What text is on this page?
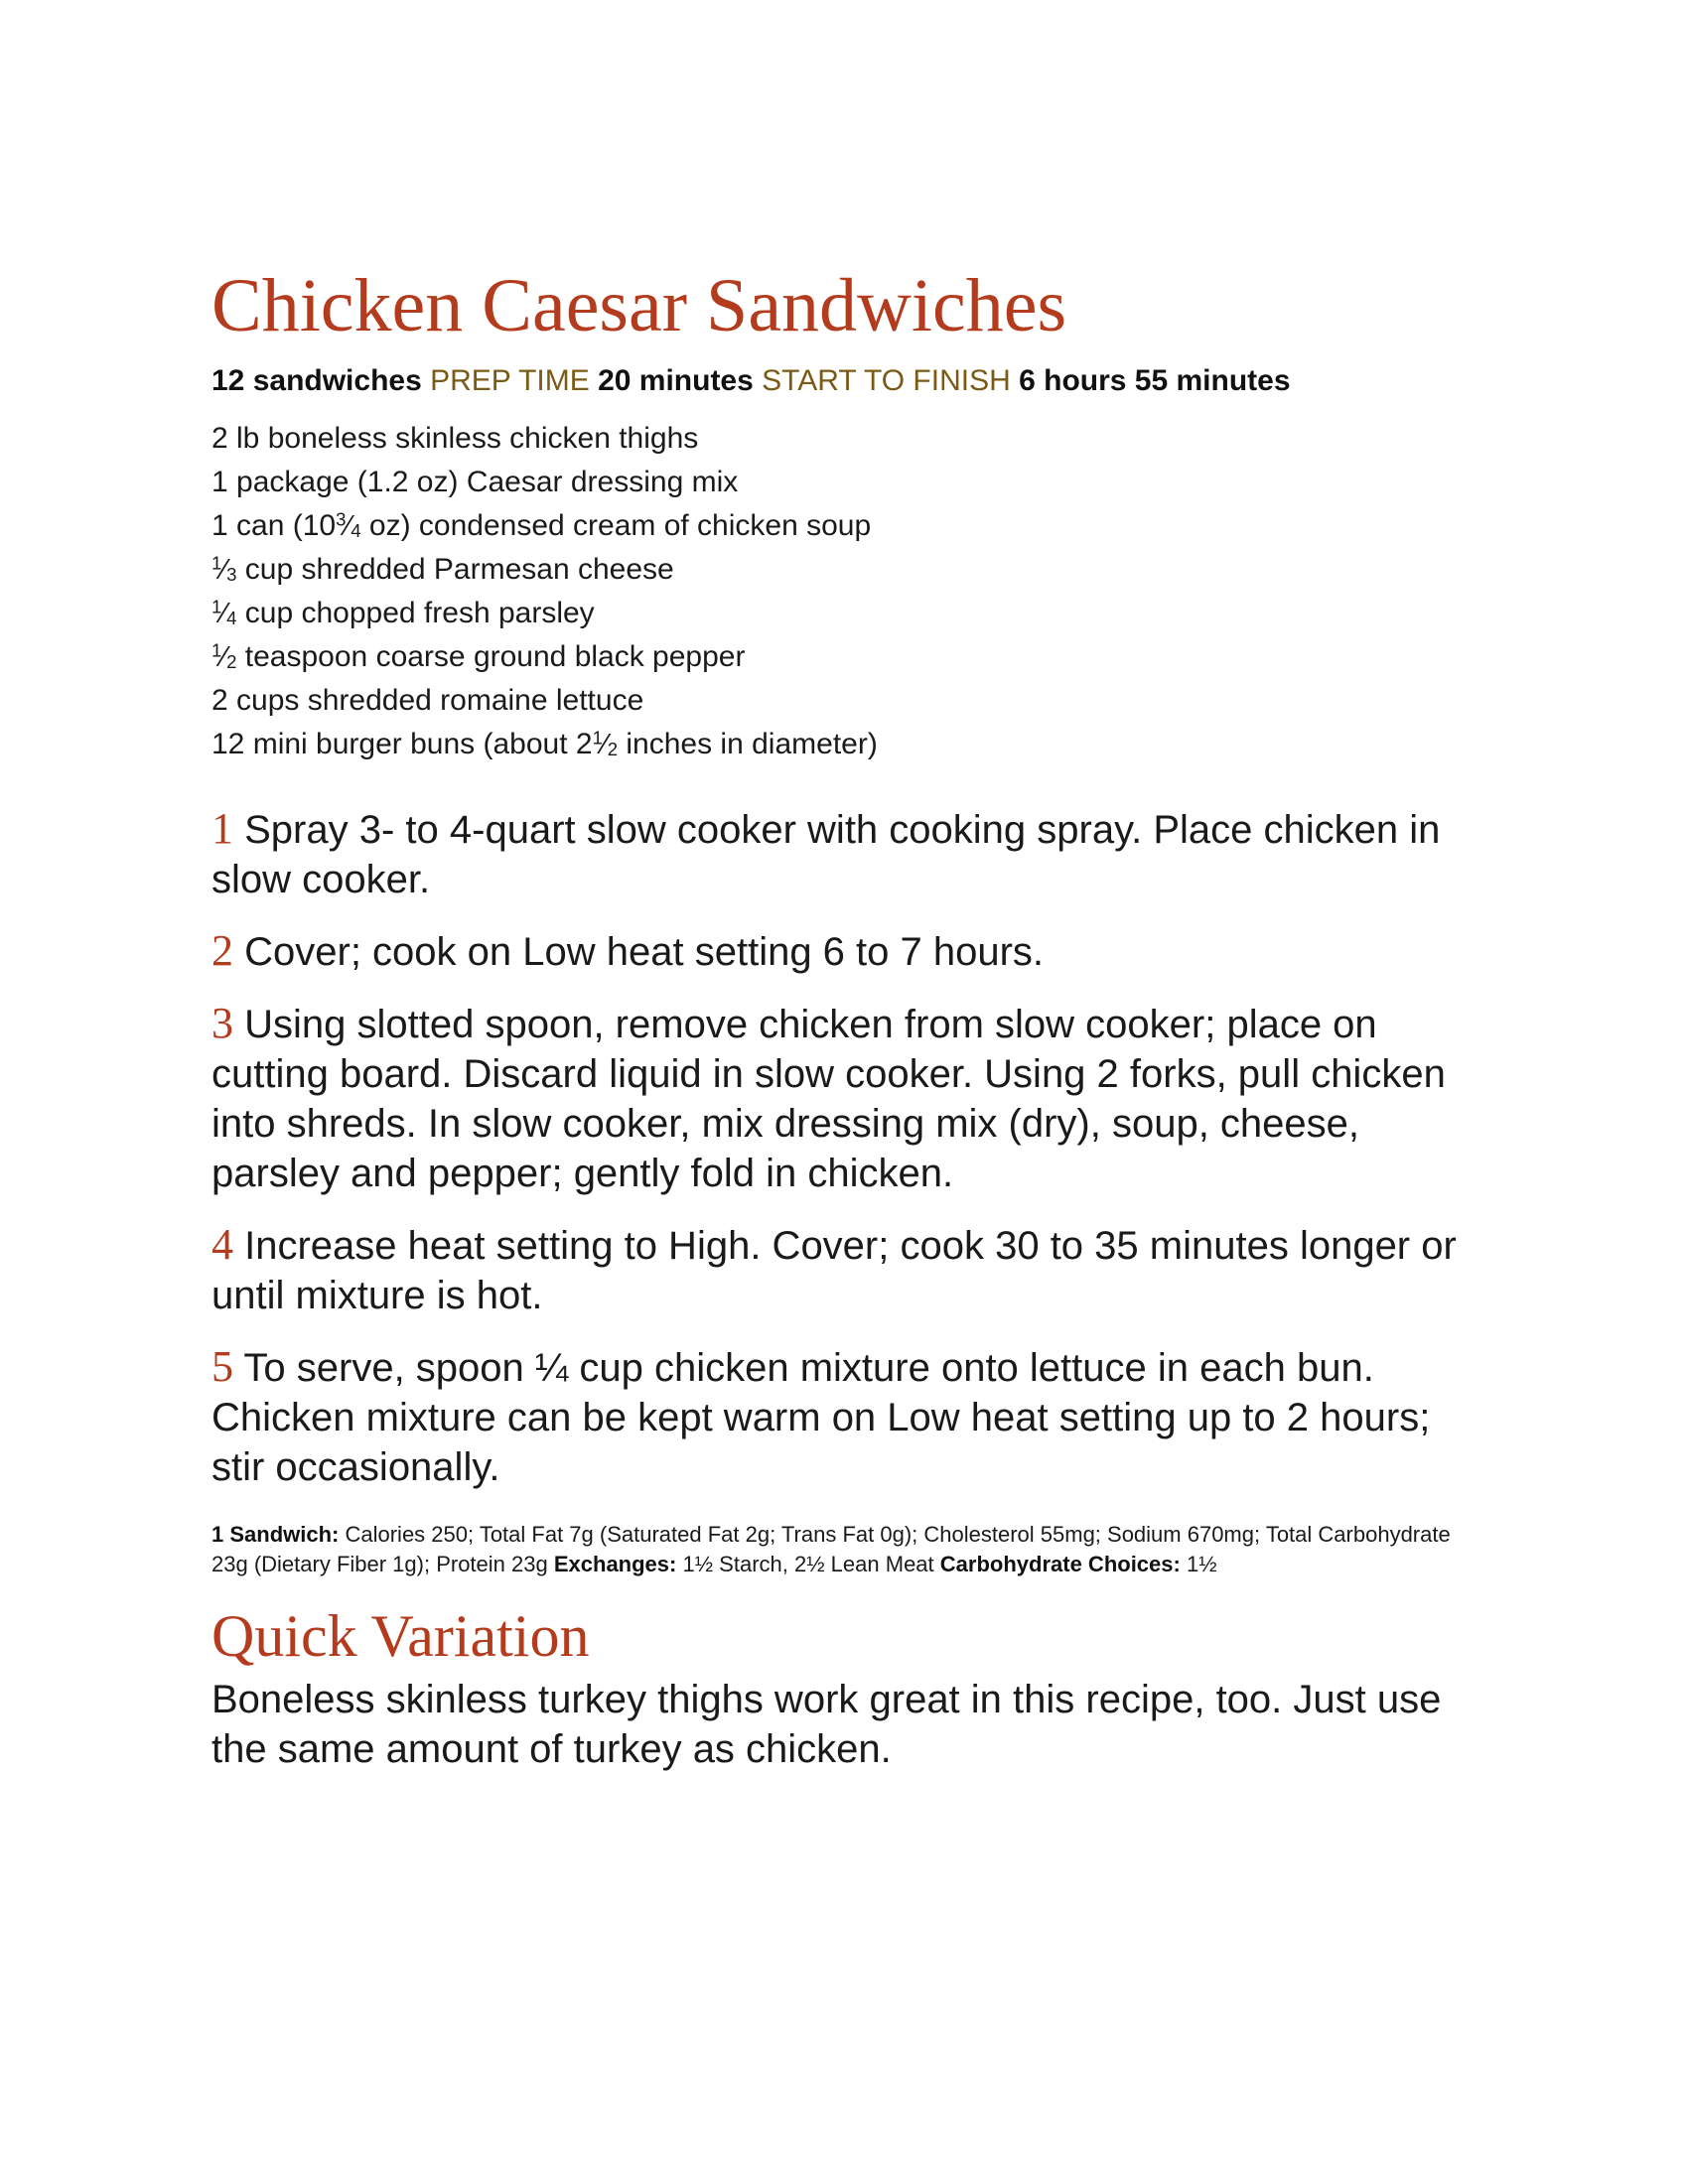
Chicken Caesar Sandwiches
12 sandwiches PREP TIME 20 minutes START TO FINISH 6 hours 55 minutes
2 lb boneless skinless chicken thighs
1 package (1.2 oz) Caesar dressing mix
1 can ($10^3⁄_4$ oz) condensed cream of chicken soup
$^1⁄_3$ cup shredded Parmesan cheese
$^1⁄_4$ cup chopped fresh parsley
$^1⁄_2$ teaspoon coarse ground black pepper
2 cups shredded romaine lettuce
12 mini burger buns (about $2^1⁄_2$ inches in diameter)

1 Spray 3- to 4-quart slow cooker with cooking spray. Place chicken in slow cooker.

2 Cover; cook on Low heat setting 6 to 7 hours.

3 Using slotted spoon, remove chicken from slow cooker; place on cutting board. Discard liquid in slow cooker. Using 2 forks, pull chicken into shreds. In slow cooker, mix dressing mix (dry), soup, cheese, parsley and pepper; gently fold in chicken.

4 Increase heat setting to High. Cover; cook 30 to 35 minutes longer or until mixture is hot.

5 To serve, spoon ¼ cup chicken mixture onto lettuce in each bun. Chicken mixture can be kept warm on Low heat setting up to 2 hours; stir occasionally.

1 Sandwich: Calories 250; Total Fat 7g (Saturated Fat 2g; Trans Fat 0g); Cholesterol 55mg; Sodium 670mg; Total Carbohydrate 23g (Dietary Fiber 1g); Protein 23g Exchanges: 1½ Starch, 2½ Lean Meat Carbohydrate Choices: 1½

Quick Variation

Boneless skinless turkey thighs work great in this recipe, too. Just use the same amount of turkey as chicken.
